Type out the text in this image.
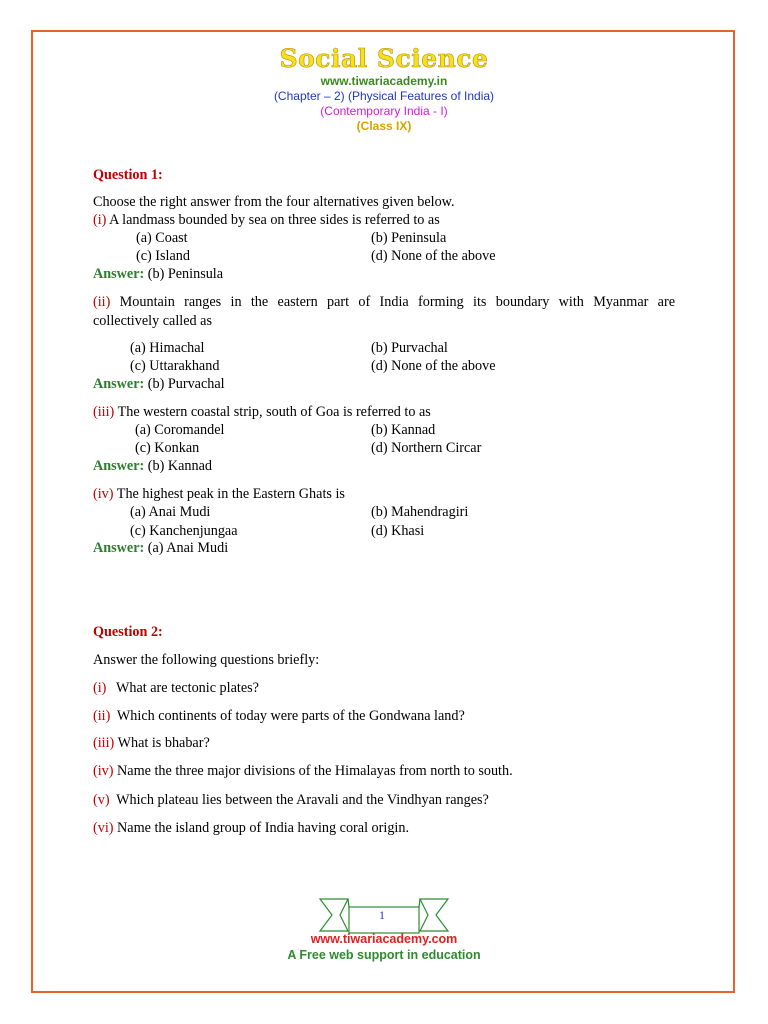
Social Science
www.tiwariacademy.in
(Chapter – 2) (Physical Features of India)
(Contemporary India - I)
(Class IX)
Question 1:
Choose the right answer from the four alternatives given below.
(i) A landmass bounded by sea on three sides is referred to as
(a) Coast	(b) Peninsula
(c) Island	(d) None of the above
Answer: (b) Peninsula
(ii) Mountain ranges in the eastern part of India forming its boundary with Myanmar are
collectively called as
(a) Himachal	(b) Purvachal
(c) Uttarakhand	(d) None of the above
Answer: (b) Purvachal
(iii) The western coastal strip, south of Goa is referred to as
(a) Coromandel	(b) Kannad
(c) Konkan	(d) Northern Circar
Answer: (b) Kannad
(iv) The highest peak in the Eastern Ghats is
(a) Anai Mudi	(b) Mahendragiri
(c) Kanchenjungaa	(d) Khasi
Answer: (a) Anai Mudi
Question 2:
Answer the following questions briefly:
(i) What are tectonic plates?
(ii) Which continents of today were parts of the Gondwana land?
(iii) What is bhabar?
(iv) Name the three major divisions of the Himalayas from north to south.
(v) Which plateau lies between the Aravali and the Vindhyan ranges?
(vi) Name the island group of India having coral origin.
1
www.tiwariacademy.com
A Free web support in education
